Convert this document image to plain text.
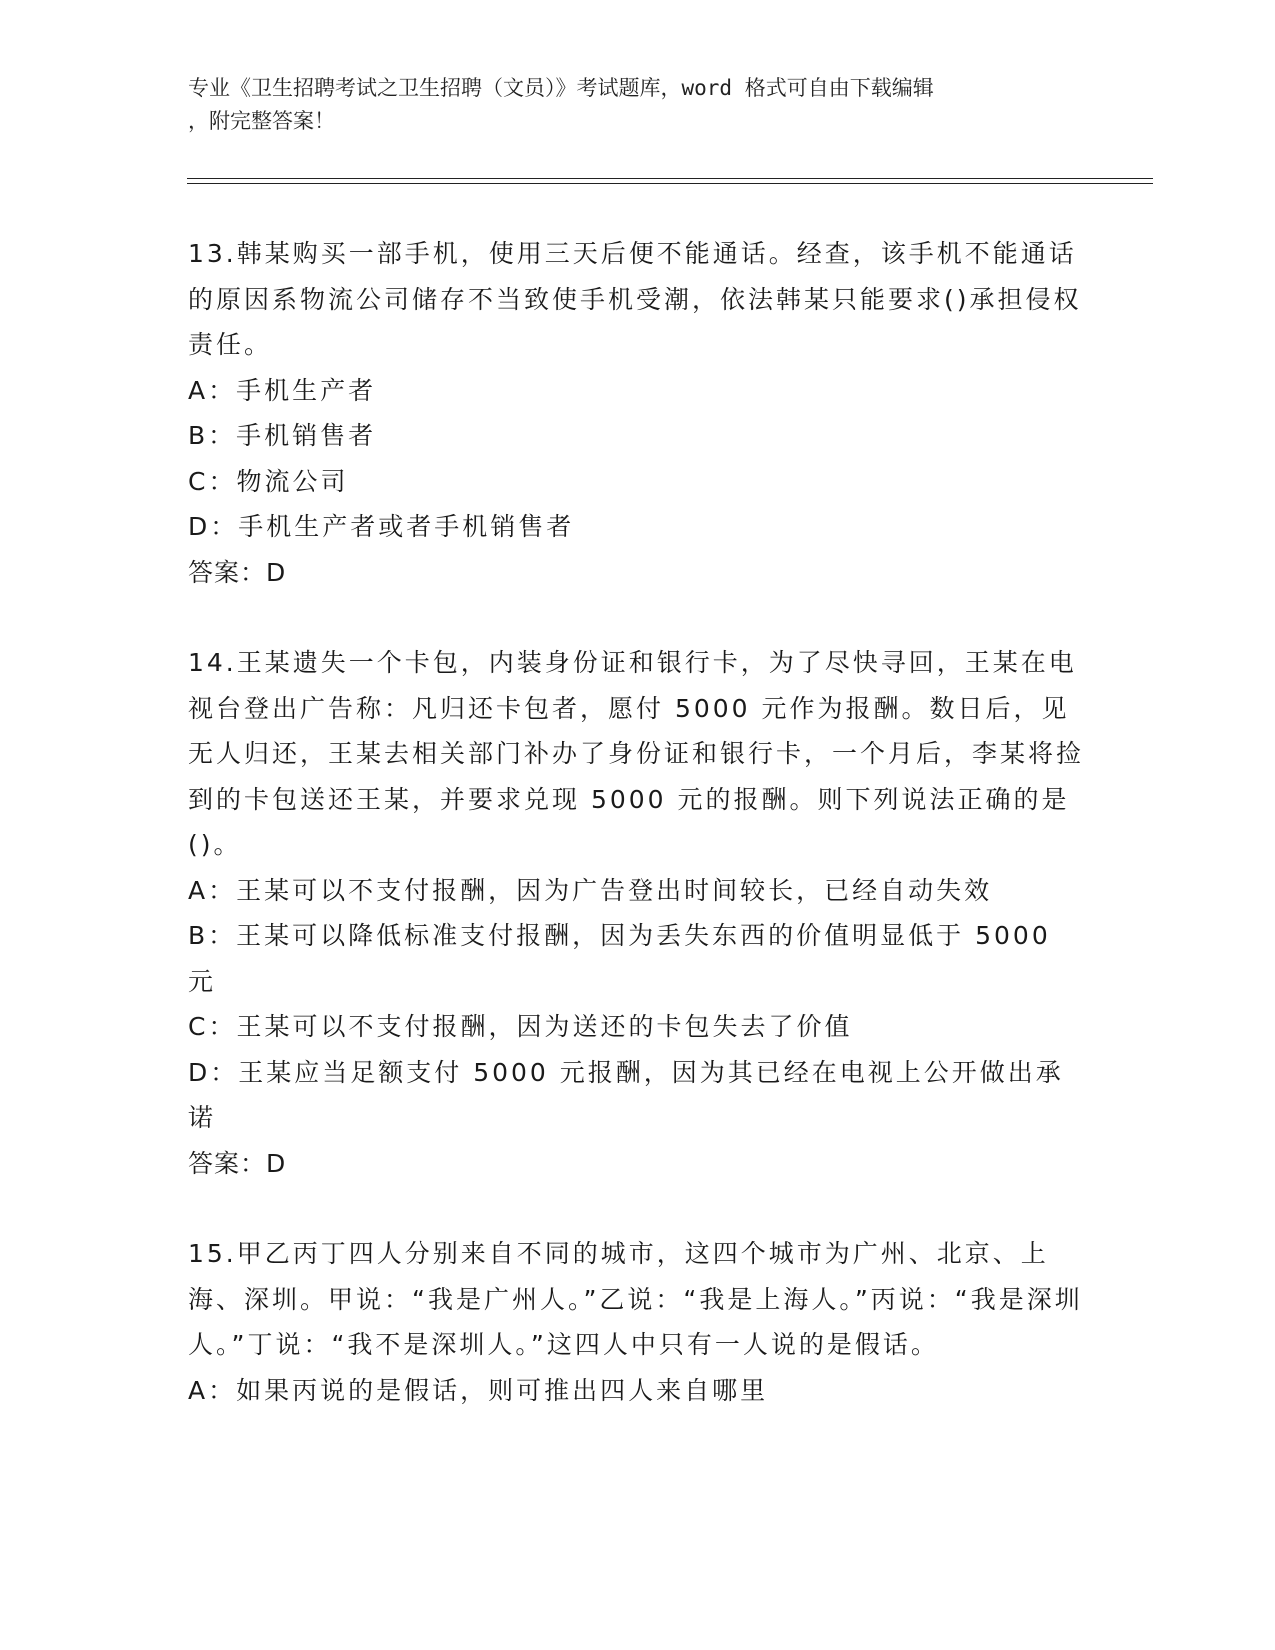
专业《卫生招聘考试之卫生招聘（文员）》考试题库，word 格式可自由下载编辑
，附完整答案！

13.韩某购买一部手机，使用三天后便不能通话。经查，该手机不能通话的原因系物流公司储存不当致使手机受潮，依法韩某只能要求()承担侵权责任。

A：手机生产者
B：手机销售者
C：物流公司
D：手机生产者或者手机销售者

答案：D

14.王某遗失一个卡包，内装身份证和银行卡，为了尽快寻回，王某在电视台登出广告称：凡归还卡包者，愿付 5000 元作为报酬。数日后，见无人归还，王某去相关部门补办了身份证和银行卡，一个月后，李某将捡到的卡包送还王某，并要求兑现 5000 元的报酬。则下列说法正确的是()。

A：王某可以不支付报酬，因为广告登出时间较长，已经自动失效
B：王某可以降低标准支付报酬，因为丢失东西的价值明显低于 5000 元
C：王某可以不支付报酬，因为送还的卡包失去了价值
D：王某应当足额支付 5000 元报酬，因为其已经在电视上公开做出承诺

答案：D

15.甲乙丙丁四人分别来自不同的城市，这四个城市为广州、北京、上海、深圳。甲说：“我是广州人。”乙说：“我是上海人。”丙说：“我是深圳人。”丁说：“我不是深圳人。”这四人中只有一人说的是假话。

A：如果丙说的是假话，则可推出四人来自哪里
